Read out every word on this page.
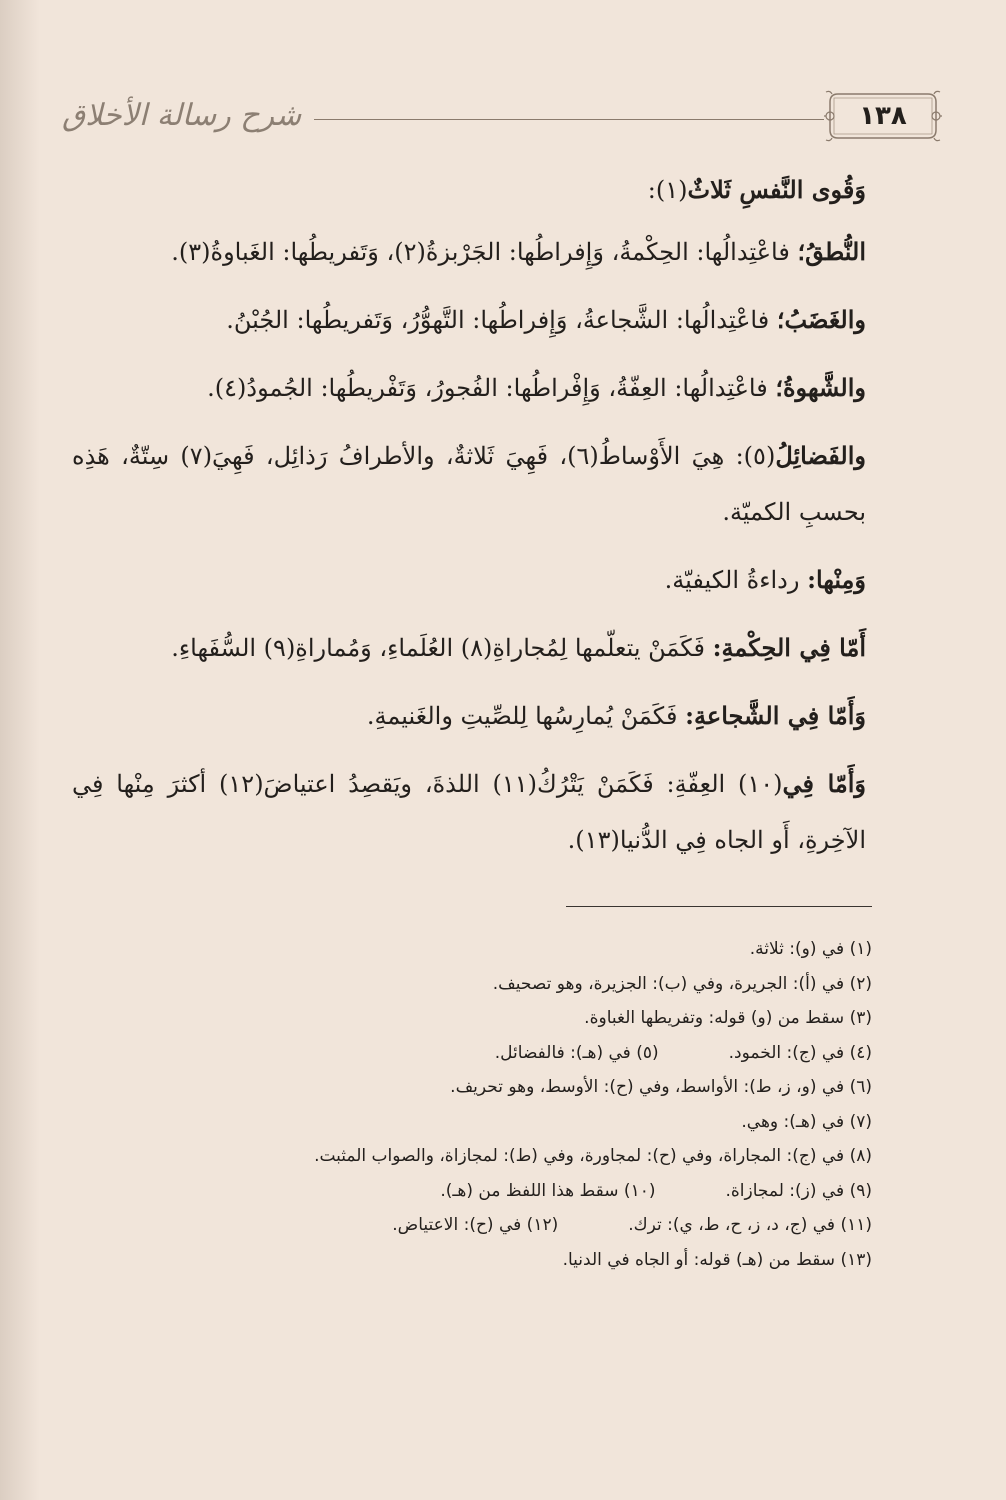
شرح رسالة الأخلاق	١٣٨

وَقُوى النَّفسِ ثَلاثٌ(١):

النُّطقُ؛ فاعْتِدالُها: الحِكْمةُ، وَإِفراطُها: الجَرْبزةُ(٢)، وَتَفريطُها: الغَباوةُ(٣).

والغَضَبُ؛ فاعْتِدالُها: الشَّجاعةُ، وَإِفراطُها: التَّهوُّرُ، وَتَفريطُها: الجُبْنُ.

والشَّهوةُ؛ فاعْتِدالُها: العِفّةُ، وَإِفْراطُها: الفُجورُ، وَتَفْريطُها: الجُمودُ(٤).

والفَضائِلُ(٥): هِيَ الأَوْساطُ(٦)، فَهِيَ ثَلاثةٌ، والأطرافُ رَذائِل، فَهِيَ(٧) سِتّةٌ، هَذِه بحسبِ الكميّة.

وَمِنْها: رداءةُ الكيفيّة.

أَمّا فِي الحِكْمةِ: فَكَمَنْ يتعلّمها لِمُجاراةِ(٨) العُلَماءِ، وَمُماراةِ(٩) السُّفَهاءِ.

وَأَمّا فِي الشَّجاعةِ: فَكَمَنْ يُمارِسُها لِلصِّيتِ والغَنيمةِ.

وَأَمّا فِي(١٠) العِفّةِ: فَكَمَنْ يَتْرُكُ(١١) اللذةَ، ويَقصِدُ اعتياضَ(١٢) أكثرَ مِنْها فِي الآخِرةِ، أَو الجاه فِي الدُّنيا(١٣).

(١) في (و): ثلاثة.
(٢) في (أ): الجريرة، وفي (ب): الجزيرة، وهو تصحيف.
(٣) سقط من (و) قوله: وتفريطها الغباوة.
(٤) في (ج): الخمود.(٥) في (هـ): فالفضائل.
(٦) في (و، ز، ط): الأواسط، وفي (ح): الأوسط، وهو تحريف.
(٧) في (هـ): وهي.
(٨) في (ج): المجاراة، وفي (ح): لمجاورة، وفي (ط): لمجازاة، والصواب المثبت.
(٩) في (ز): لمجازاة.(١٠) سقط هذا اللفظ من (هـ).
(١١) في (ج، د، ز، ح، ط، ي): ترك.(١٢) في (ح): الاعتياض.
(١٣) سقط من (هـ) قوله: أو الجاه في الدنيا.
